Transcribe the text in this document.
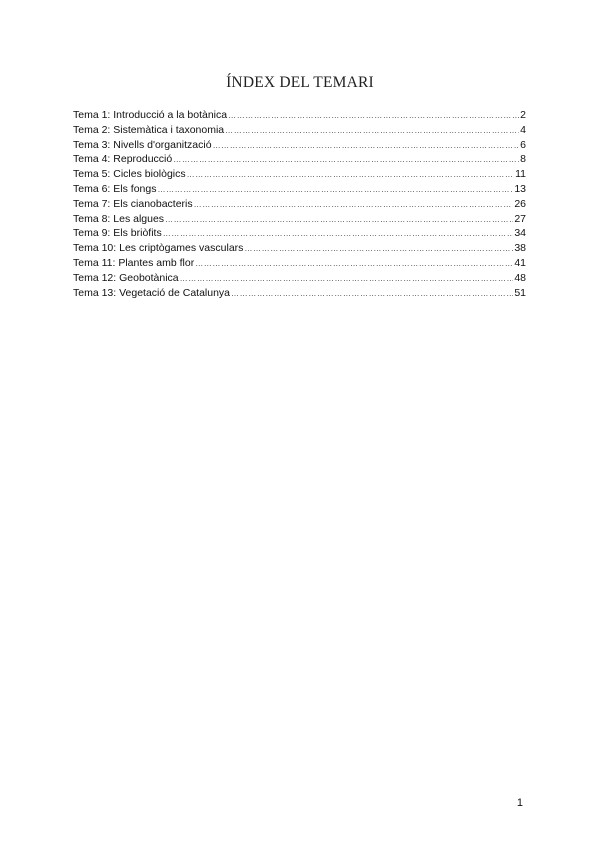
ÍNDEX DEL TEMARI
Tema 1: Introducció a la botànica ………………………………………………………………………………………………………………………………………………………………	2
Tema 2: Sistemàtica i taxonomia ………………………………………………………………………………………………………………………………………………………………	4
Tema 3: Nivells d'organització ………………………………………………………………………………………………………………………………………………………………	6
Tema 4: Reproducció ………………………………………………………………………………………………………………………………………………………………	8
Tema 5: Cicles biològics ………………………………………………………………………………………………………………………………………………………………	11
Tema 6: Els fongs ………………………………………………………………………………………………………………………………………………………………	13
Tema 7: Els cianobacteris ………………………………………………………………………………………………………………………………………………………………	26
Tema 8: Les algues ………………………………………………………………………………………………………………………………………………………………	27
Tema 9: Els briòfits ………………………………………………………………………………………………………………………………………………………………	34
Tema 10: Les criptògames vasculars ………………………………………………………………………………………………………………………………………………………………	38
Tema 11: Plantes amb flor ………………………………………………………………………………………………………………………………………………………………	41
Tema 12: Geobotànica ………………………………………………………………………………………………………………………………………………………………	48
Tema 13: Vegetació de Catalunya ………………………………………………………………………………………………………………………………………………………………	51
1
